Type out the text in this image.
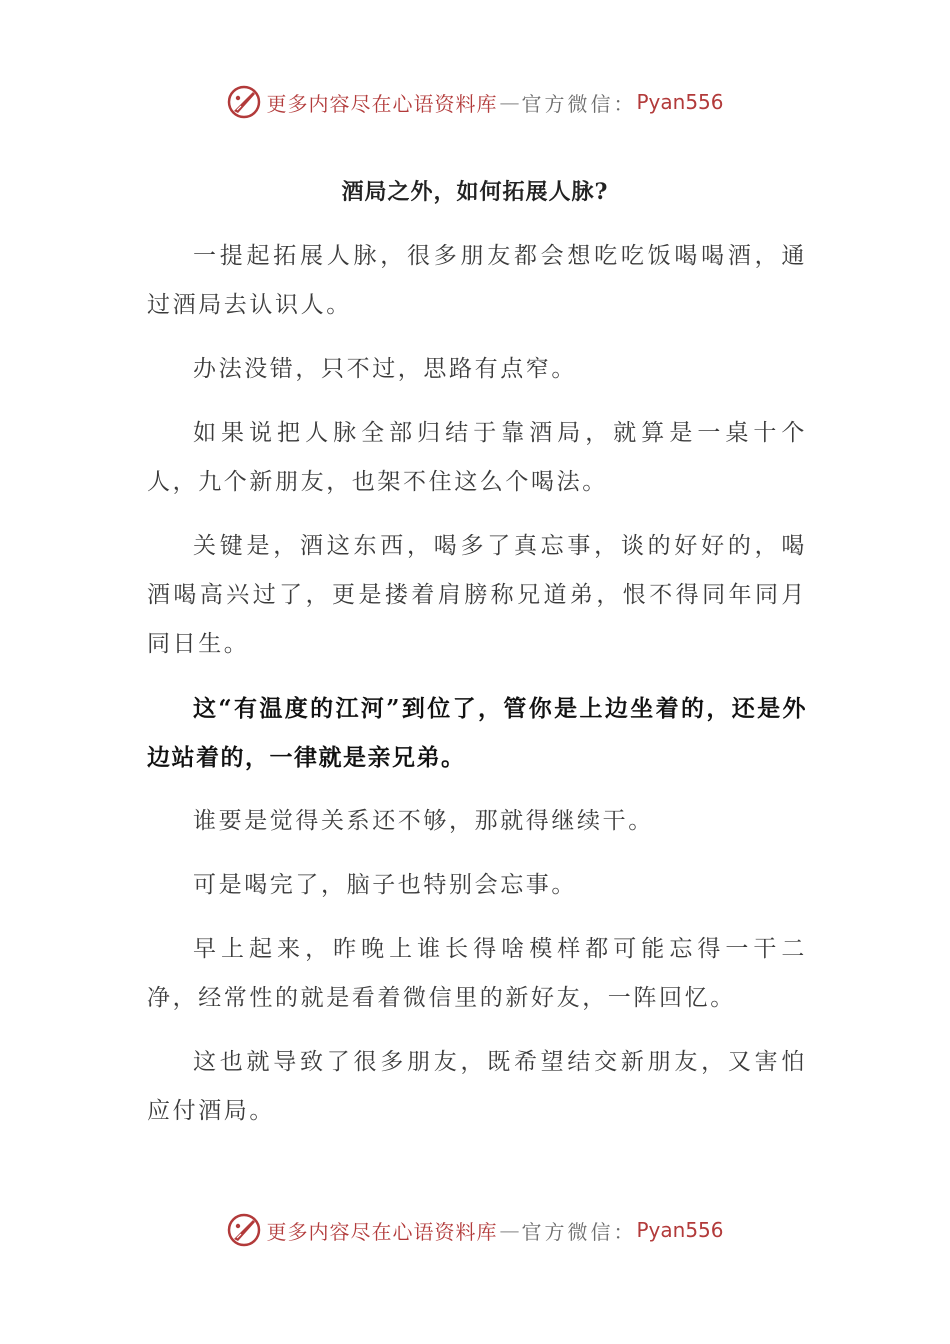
更多内容尽在心语资料库 — 官方微信： Pyan556
酒局之外，如何拓展人脉?

一提起拓展人脉，很多朋友都会想吃吃饭喝喝酒，通过酒局去认识人。

办法没错，只不过，思路有点窄。

如果说把人脉全部归结于靠酒局，就算是一桌十个人，九个新朋友，也架不住这么个喝法。

关键是，酒这东西，喝多了真忘事，谈的好好的，喝酒喝高兴过了，更是搂着肩膀称兄道弟，恨不得同年同月同日生。

这“有温度的江河”到位了，管你是上边坐着的，还是外边站着的，一律就是亲兄弟。

谁要是觉得关系还不够，那就得继续干。

可是喝完了，脑子也特别会忘事。

早上起来，昨晚上谁长得啥模样都可能忘得一干二净，经常性的就是看着微信里的新好友，一阵回忆。

这也就导致了很多朋友，既希望结交新朋友，又害怕应付酒局。

更多内容尽在心语资料库 — 官方微信： Pyan556
